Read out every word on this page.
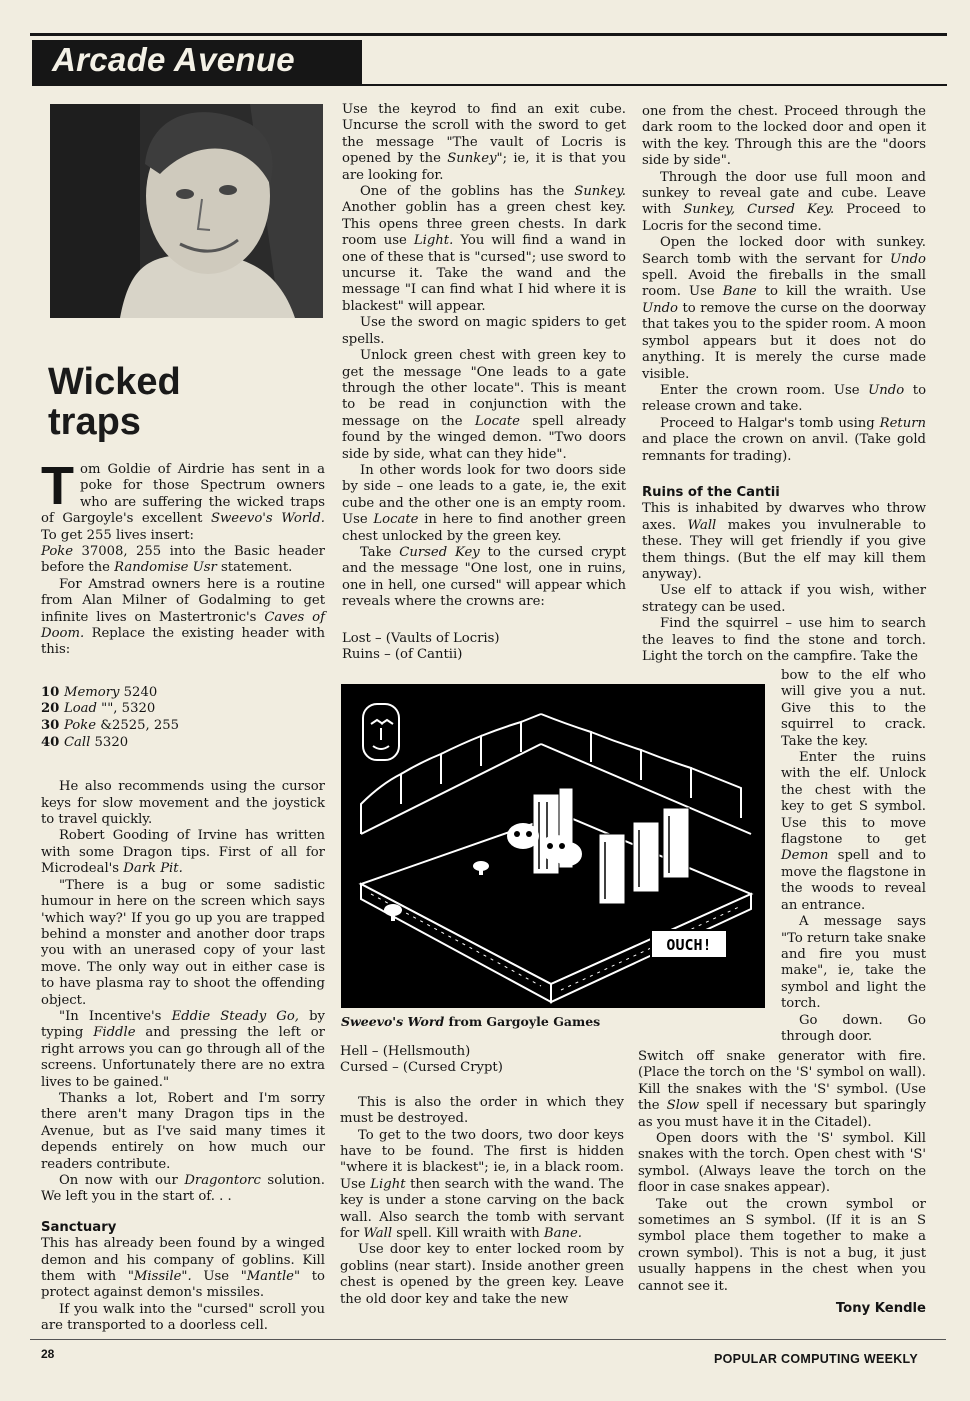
Arcade Avenue
Wicked
traps

Tom Goldie of Airdrie has sent in a poke for those Spectrum owners who are suffering the wicked traps of Gargoyle's excellent Sweevo's World. To get 255 lives insert:

Poke 37008, 255 into the Basic header before the Randomise Usr statement.

For Amstrad owners here is a routine from Alan Milner of Godalming to get infinite lives on Mastertronic's Caves of Doom. Replace the existing header with this:

10 Memory 5240
20 Load "", 5320
30 Poke &2525, 255
40 Call 5320

He also recommends using the cursor keys for slow movement and the joystick to travel quickly.

Robert Gooding of Irvine has written with some Dragon tips. First of all for Microdeal's Dark Pit.

"There is a bug or some sadistic humour in here on the screen which says 'which way?' If you go up you are trapped behind a monster and another door traps you with an unerased copy of your last move. The only way out in either case is to have plasma ray to shoot the offending object.

"In Incentive's Eddie Steady Go, by typing Fiddle and pressing the left or right arrows you can go through all of the screens. Unfortunately there are no extra lives to be gained."

Thanks a lot, Robert and I'm sorry there aren't many Dragon tips in the Avenue, but as I've said many times it depends entirely on how much our readers contribute.

On now with our Dragontorc solution. We left you in the start of. . .

Sanctuary

This has already been found by a winged demon and his company of goblins. Kill them with "Missile". Use "Mantle" to protect against demon's missiles.

If you walk into the "cursed" scroll you are transported to a doorless cell.

Use the keyrod to find an exit cube. Uncurse the scroll with the sword to get the message "The vault of Locris is opened by the Sunkey"; ie, it is that you are looking for.

One of the goblins has the Sunkey. Another goblin has a green chest key. This opens three green chests. In dark room use Light. You will find a wand in one of these that is "cursed"; use sword to uncurse it. Take the wand and the message "I can find what I hid where it is blackest" will appear.

Use the sword on magic spiders to get spells.

Unlock green chest with green key to get the message "One leads to a gate through the other locate". This is meant to be read in conjunction with the message on the Locate spell already found by the winged demon. "Two doors side by side, what can they hide".

In other words look for two doors side by side – one leads to a gate, ie, the exit cube and the other one is an empty room. Use Locate in here to find another green chest unlocked by the green key.

Take Cursed Key to the cursed crypt and the message "One lost, one in ruins, one in hell, one cursed" will appear which reveals where the crowns are:

Lost – (Vaults of Locris)

Ruins – (of Cantii)

OUCH!
Sweevo's Word from Gargoyle Games

Hell – (Hellsmouth)

Cursed – (Cursed Crypt)

This is also the order in which they must be destroyed.

To get to the two doors, two door keys have to be found. The first is hidden "where it is blackest"; ie, in a black room. Use Light then search with the wand. The key is under a stone carving on the back wall. Also search the tomb with servant for Wall spell. Kill wraith with Bane.

Use door key to enter locked room by goblins (near start). Inside another green chest is opened by the green key. Leave the old door key and take the new

one from the chest. Proceed through the dark room to the locked door and open it with the key. Through this are the "doors side by side".

Through the door use full moon and sunkey to reveal gate and cube. Leave with Sunkey, Cursed Key. Proceed to Locris for the second time.

Open the locked door with sunkey. Search tomb with the servant for Undo spell. Avoid the fireballs in the small room. Use Bane to kill the wraith. Use Undo to remove the curse on the doorway that takes you to the spider room. A moon symbol appears but it does not do anything. It is merely the curse made visible.

Enter the crown room. Use Undo to release crown and take.

Proceed to Halgar's tomb using Return and place the crown on anvil. (Take gold remnants for trading).

Ruins of the Cantii

This is inhabited by dwarves who throw axes. Wall makes you invulnerable to these. They will get friendly if you give them things. (But the elf may kill them anyway).

Use elf to attack if you wish, wither strategy can be used.

Find the squirrel – use him to search the leaves to find the stone and torch. Light the torch on the campfire. Take the

bow to the elf who will give you a nut. Give this to the squirrel to crack. Take the key.

Enter the ruins with the elf. Unlock the chest with the key to get S symbol. Use this to move flagstone to get Demon spell and to move the flagstone in the woods to reveal an entrance.

A message says "To return take snake and fire you must make", ie, take the symbol and light the torch.

Go down. Go through door.

Switch off snake generator with fire. (Place the torch on the 'S' symbol on wall). Kill the snakes with the 'S' symbol. (Use the Slow spell if necessary but sparingly as you must have it in the Citadel).

Open doors with the 'S' symbol. Kill snakes with the torch. Open chest with 'S' symbol. (Always leave the torch on the floor in case snakes appear).

Take out the crown symbol or sometimes an S symbol. (If it is an S symbol place them together to make a crown symbol). This is not a bug, it just usually happens in the chest when you cannot see it.

Tony Kendle
28	POPULAR COMPUTING WEEKLY
